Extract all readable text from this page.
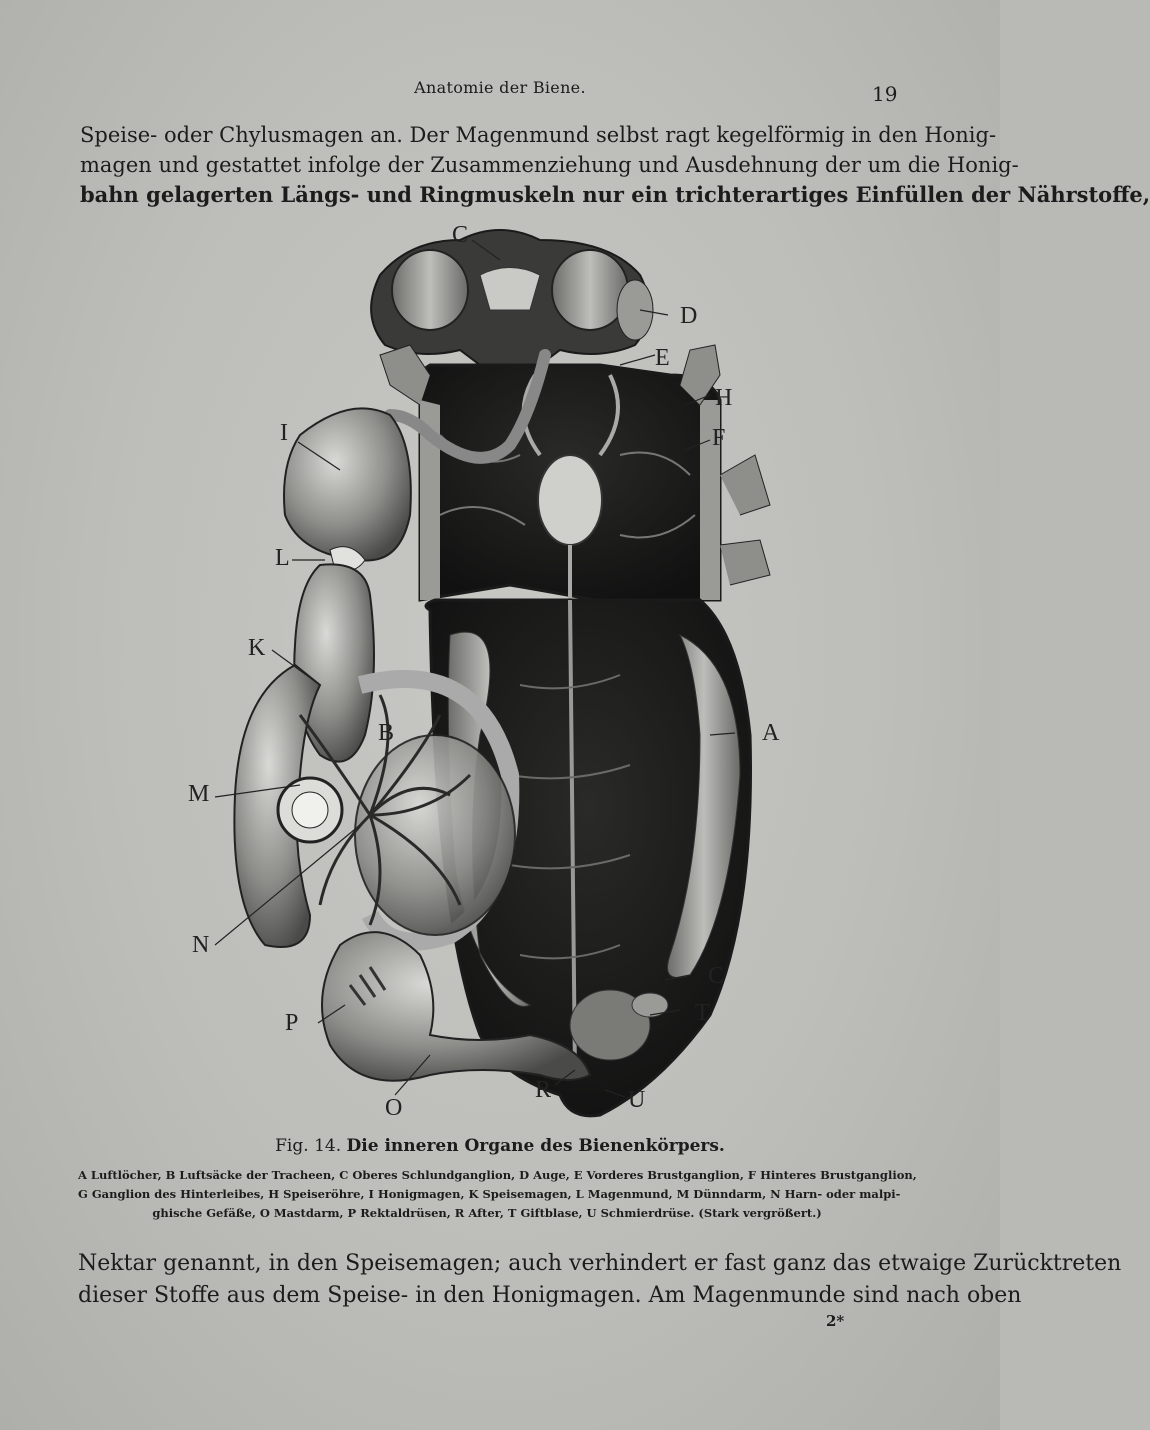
Anatomie der Biene.	19
Speise- oder Chylusmagen an. Der Magenmund selbst ragt kegelförmig in den Honig-
magen und gestattet infolge der Zusammenziehung und Ausdehnung der um die Honig-
bahn gelagerten Längs- und Ringmuskeln nur ein trichterartiges Einfüllen der Nährstoffe,
C
D
E
H
F
I
L
K
B	A
M
N
P
C
T
R	U
O
Fig. 14. Die inneren Organe des Bienenkörpers.
A Luftlöcher, B Luftsäcke der Tracheen, C Oberes Schlundganglion, D Auge, E Vorderes Brustganglion, F Hinteres Brustganglion,
G Ganglion des Hinterleibes, H Speiseröhre, I Honigmagen, K Speisemagen, L Magenmund, M Dünndarm, N Harn- oder malpi-
ghische Gefäße, O Mastdarm, P Rektaldrüsen, R After, T Giftblase, U Schmierdrüse. (Stark vergrößert.)
Nektar genannt, in den Speisemagen; auch verhindert er fast ganz das etwaige Zurücktreten
dieser Stoffe aus dem Speise- in den Honigmagen. Am Magenmunde sind nach oben
2*
